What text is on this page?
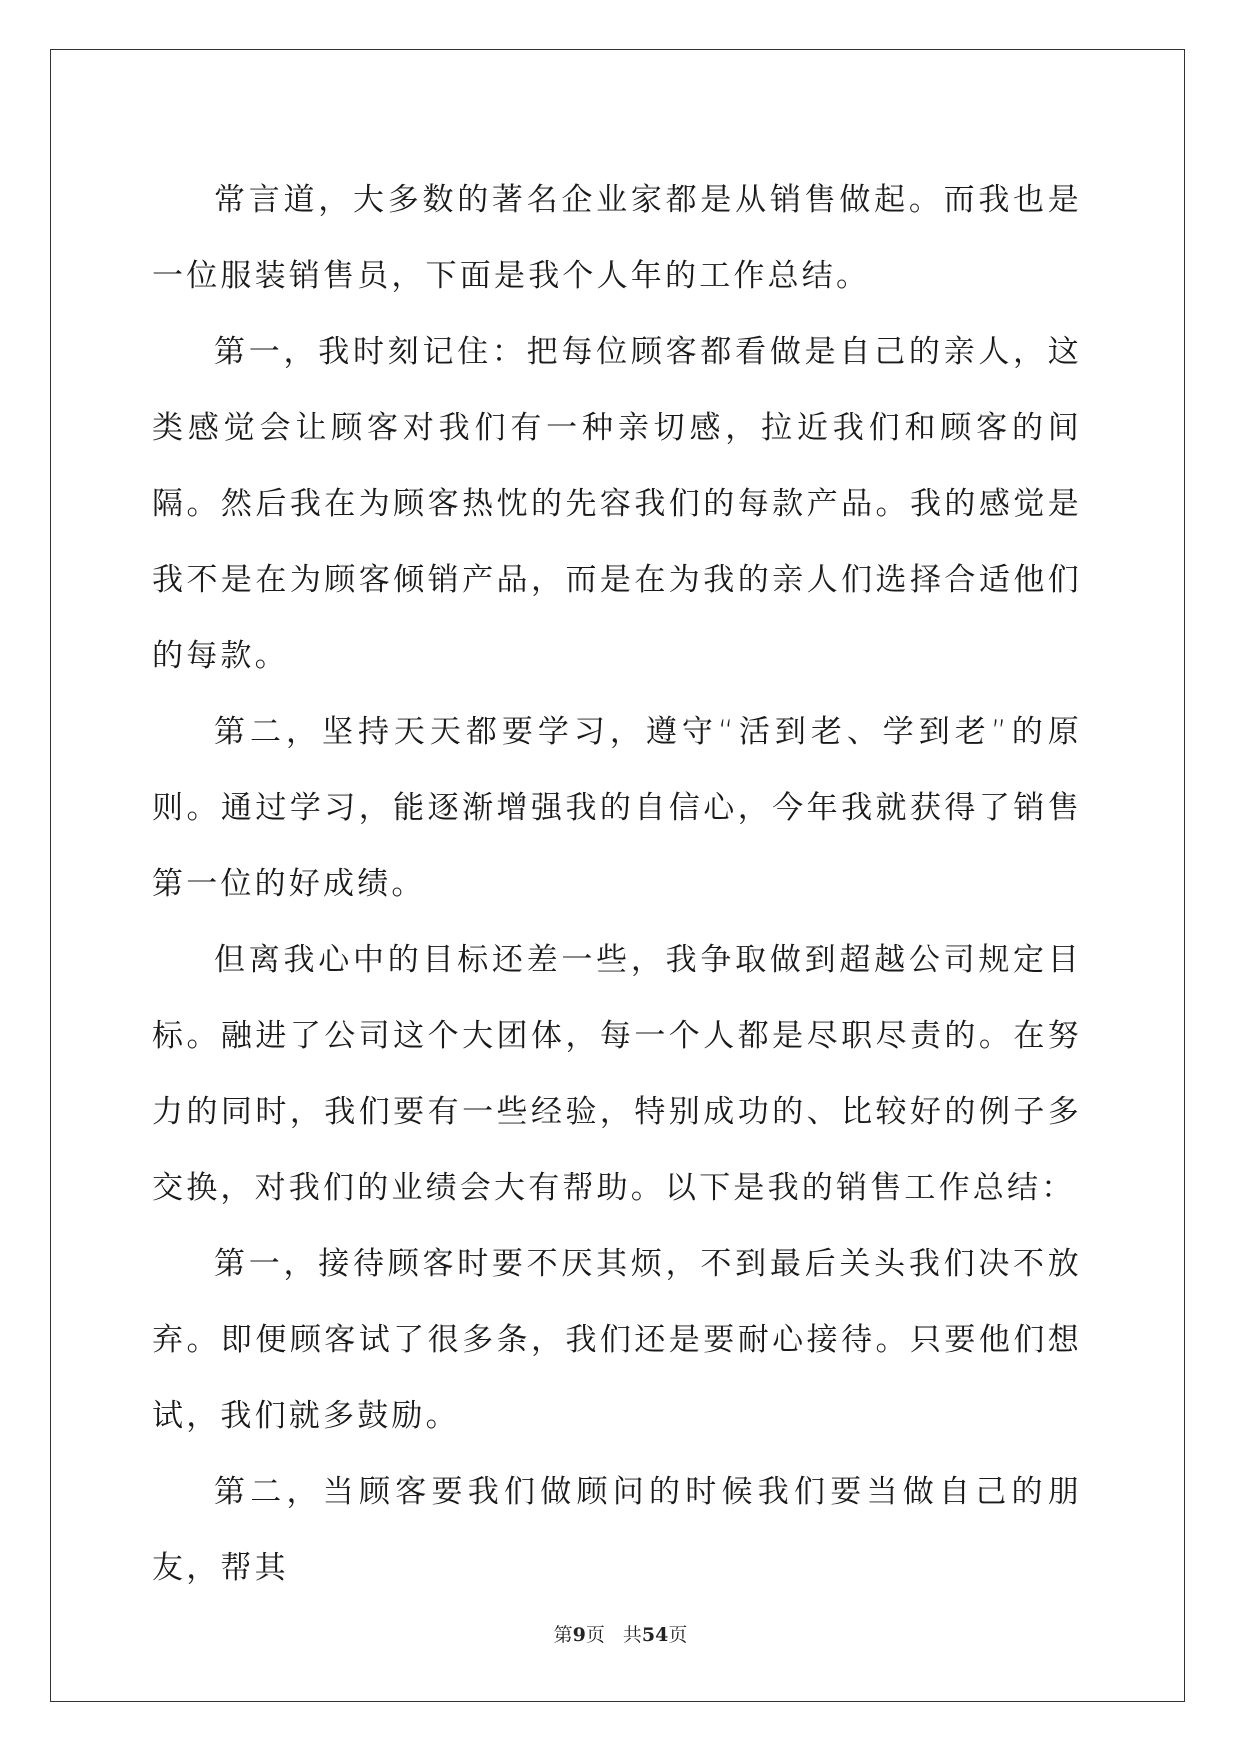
常言道，大多数的著名企业家都是从销售做起。而我也是一位服装销售员，下面是我个人年的工作总结。

第一，我时刻记住：把每位顾客都看做是自己的亲人，这类感觉会让顾客对我们有一种亲切感，拉近我们和顾客的间隔。然后我在为顾客热忱的先容我们的每款产品。我的感觉是我不是在为顾客倾销产品，而是在为我的亲人们选择合适他们的每款。

第二，坚持天天都要学习，遵守“活到老、学到老”的原则。通过学习，能逐渐增强我的自信心，今年我就获得了销售第一位的好成绩。

但离我心中的目标还差一些，我争取做到超越公司规定目标。融进了公司这个大团体，每一个人都是尽职尽责的。在努力的同时，我们要有一些经验，特别成功的、比较好的例子多交换，对我们的业绩会大有帮助。以下是我的销售工作总结：

第一，接待顾客时要不厌其烦，不到最后关头我们决不放弃。即便顾客试了很多条，我们还是要耐心接待。只要他们想试，我们就多鼓励。

第二，当顾客要我们做顾问的时候我们要当做自己的朋友，帮其

第9页 共54页
